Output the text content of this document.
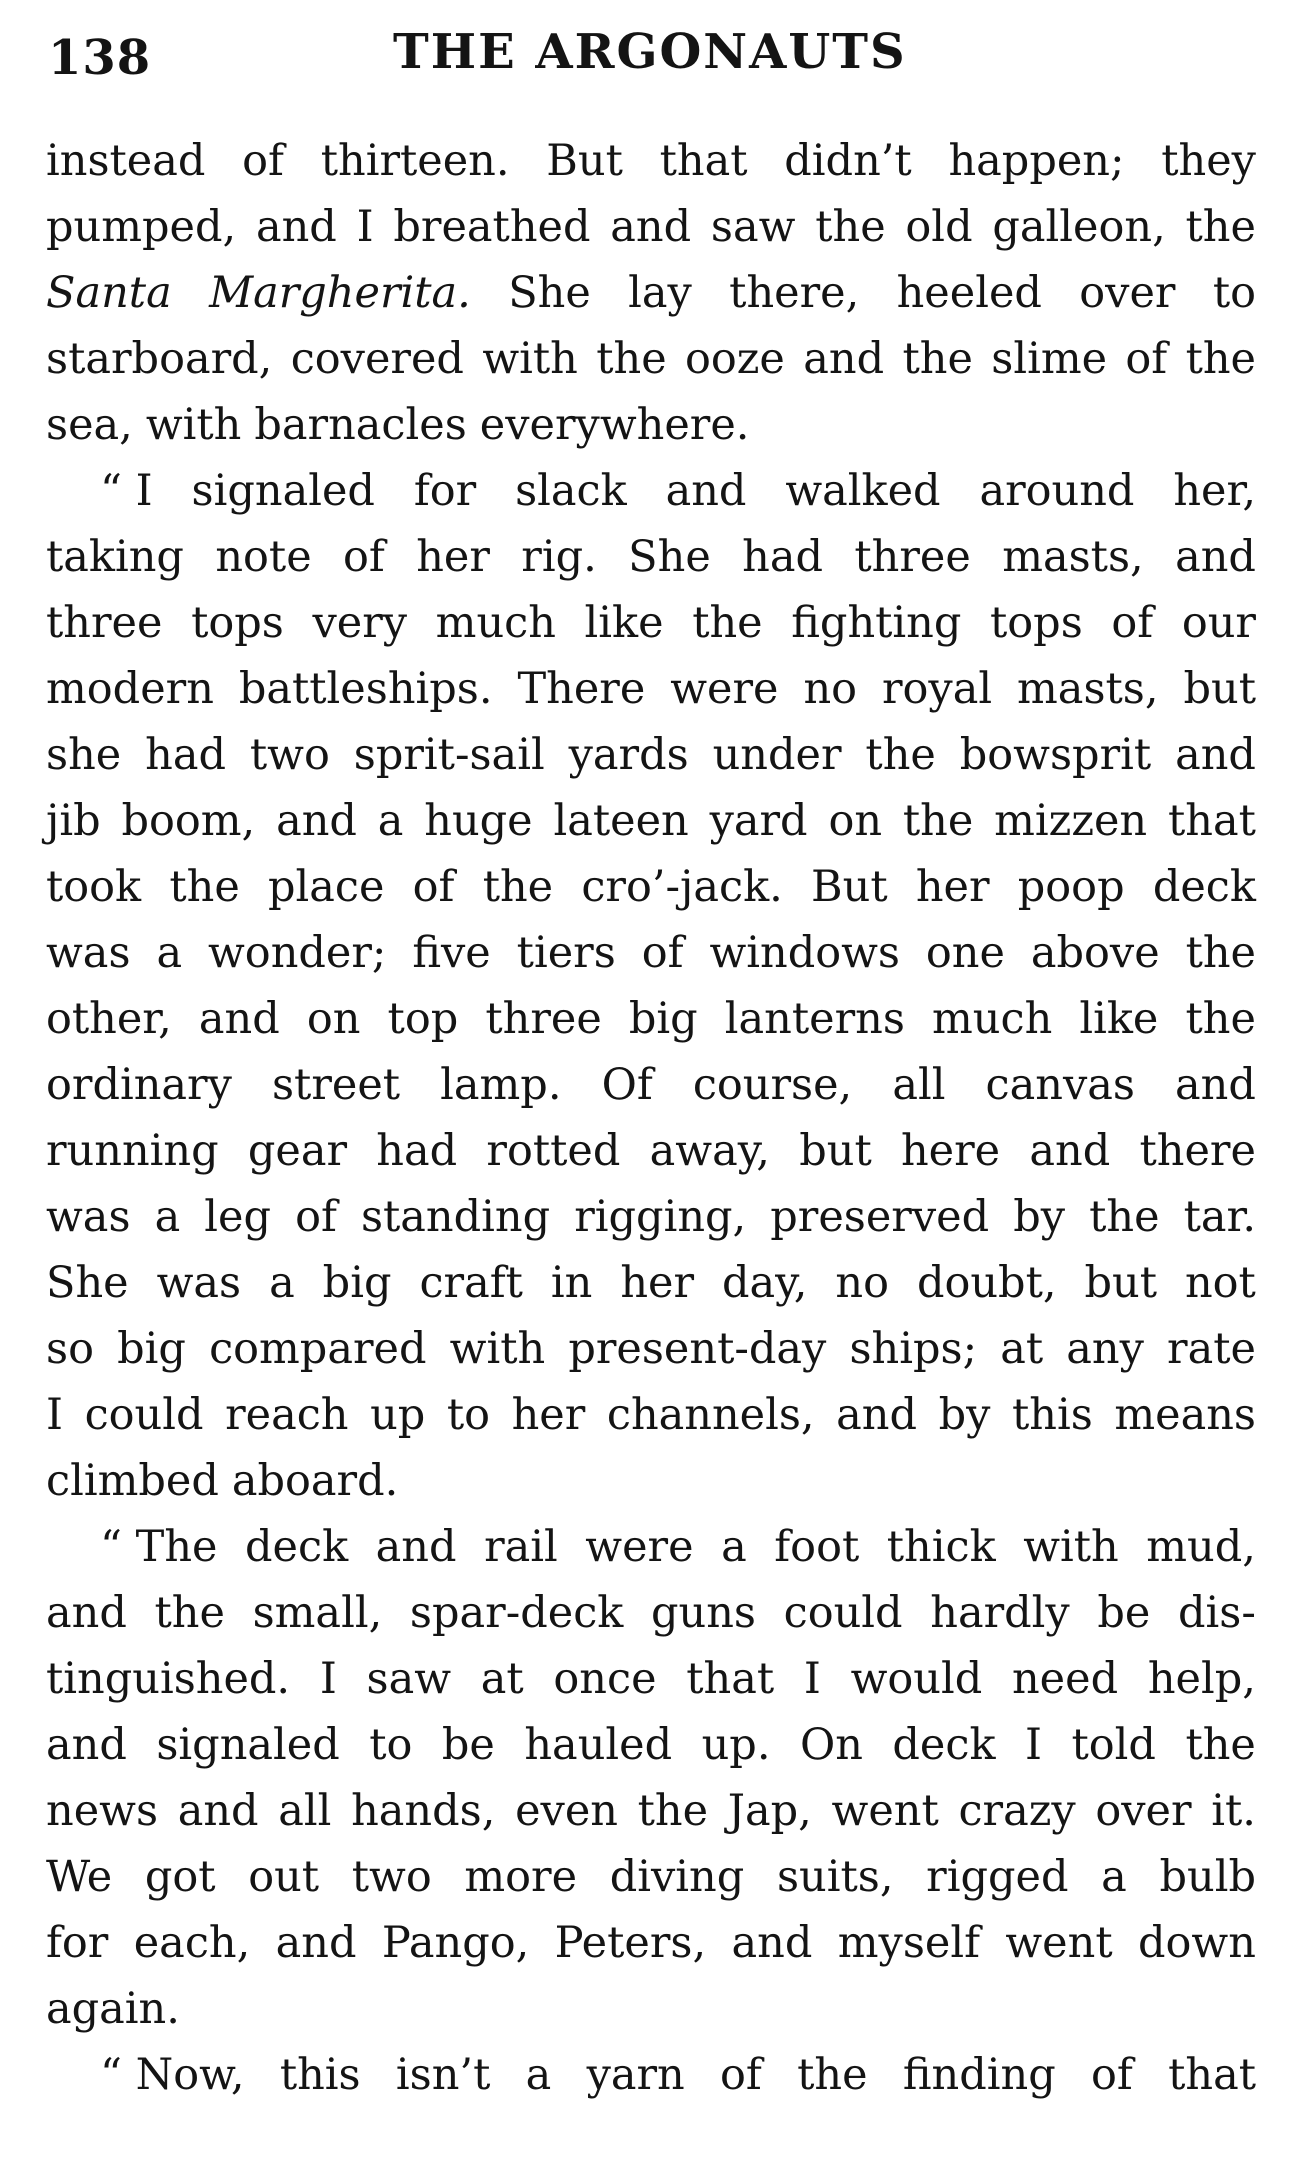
138	THE ARGONAUTS
instead of thirteen. But that didn’t happen; they
pumped, and I breathed and saw the old galleon, the
Santa Margherita. She lay there, heeled over to
starboard, covered with the ooze and the slime of the
sea, with barnacles everywhere.
“ I signaled for slack and walked around her,
taking note of her rig. She had three masts, and
three tops very much like the fighting tops of our
modern battleships. There were no royal masts, but
she had two sprit-sail yards under the bowsprit and
jib boom, and a huge lateen yard on the mizzen that
took the place of the cro’-jack. But her poop deck
was a wonder; five tiers of windows one above the
other, and on top three big lanterns much like the
ordinary street lamp. Of course, all canvas and
running gear had rotted away, but here and there
was a leg of standing rigging, preserved by the tar.
She was a big craft in her day, no doubt, but not
so big compared with present-day ships; at any rate
I could reach up to her channels, and by this means
climbed aboard.
“ The deck and rail were a foot thick with mud,
and the small, spar-deck guns could hardly be dis-
tinguished. I saw at once that I would need help,
and signaled to be hauled up. On deck I told the
news and all hands, even the Jap, went crazy over it.
We got out two more diving suits, rigged a bulb
for each, and Pango, Peters, and myself went down
again.
“ Now, this isn’t a yarn of the finding of that
